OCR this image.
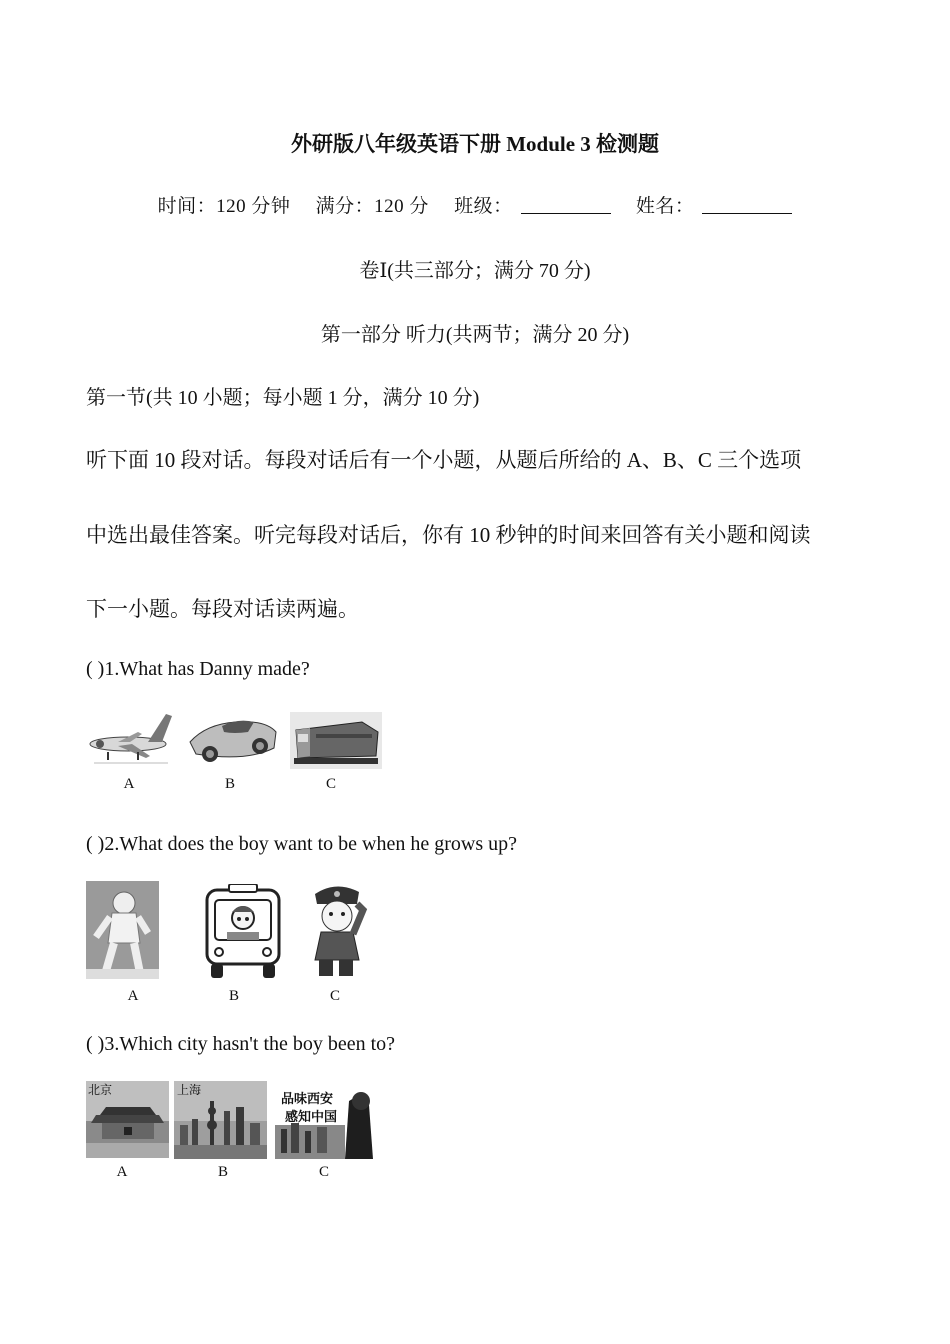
外研版八年级英语下册 Module 3 检测题
时间：120 分钟 满分：120 分 班级：	姓名：
卷Ⅰ(共三部分；满分 70 分)
第一部分 听力(共两节；满分 20 分)
第一节(共 10 小题；每小题 1 分，满分 10 分)
听下面 10 段对话。每段对话后有一个小题，从题后所给的 A、B、C 三个选项
中选出最佳答案。听完每段对话后，你有 10 秒钟的时间来回答有关小题和阅读
下一小题。每段对话读两遍。
( )1.What has Danny made?
A	B	C
( )2.What does the boy want to be when he grows up?
A	B	C
( )3.Which city hasn't the boy been to?
北京	上海
品味西安
感知中国
A	B	C
